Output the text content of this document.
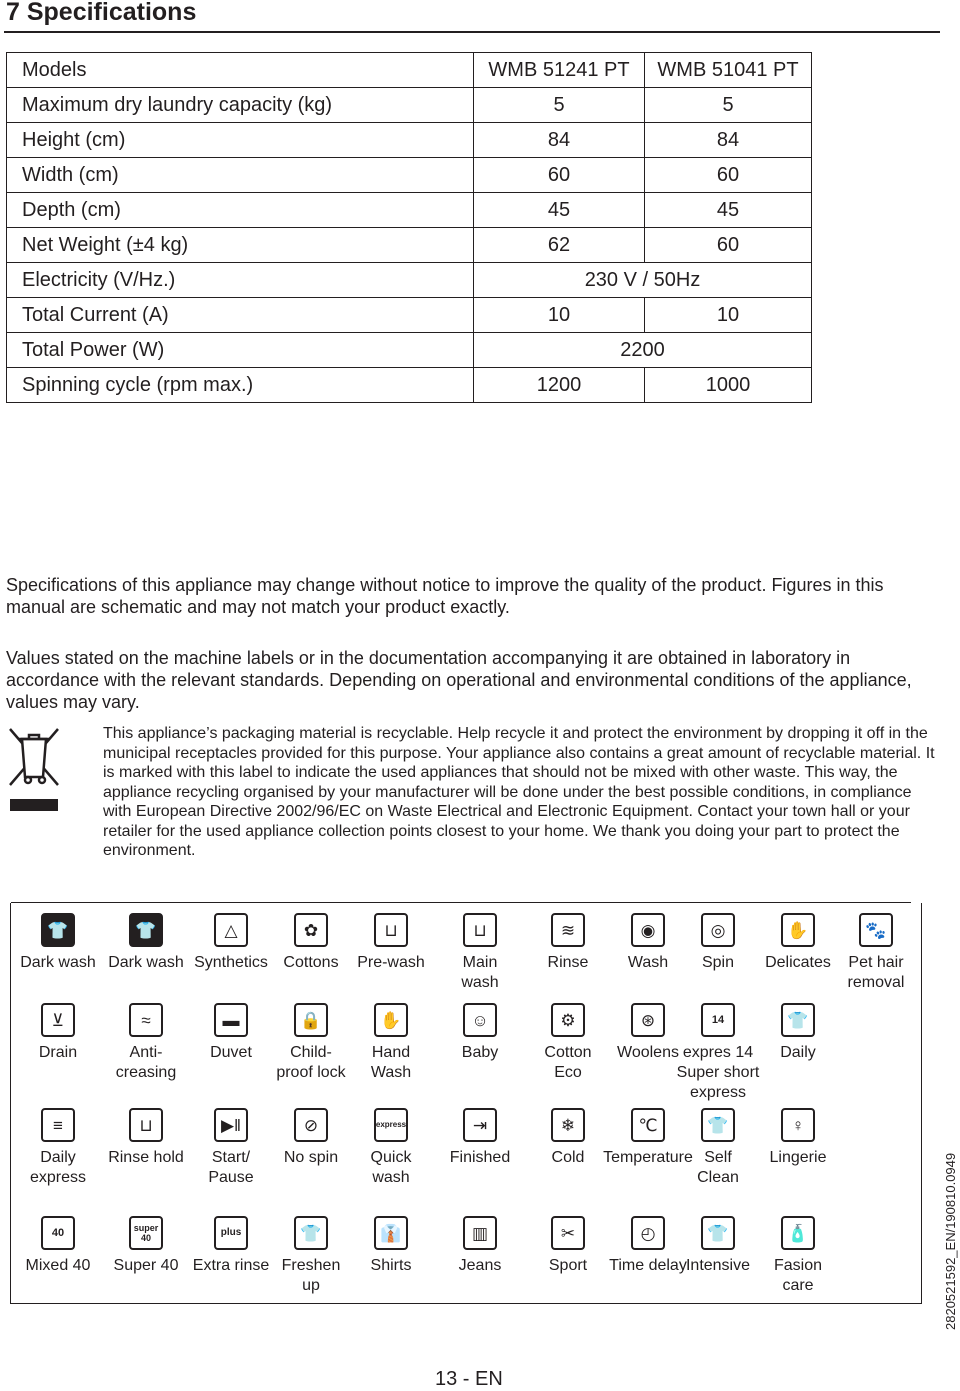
7 Specifications
Models	WMB 51241 PT	WMB 51041 PT
Maximum dry laundry capacity (kg)	5	5
Height (cm)	84	84
Width (cm)	60	60
Depth (cm)	45	45
Net Weight (±4 kg)	62	60
Electricity (V/Hz.)	230 V / 50Hz	
Total Current (A)	10	10
Total Power (W)	2200	
Spinning cycle (rpm max.)	1200	1000

Specifications of this appliance may change without notice to improve the quality of the product. Figures in this manual are schematic and may not match your product exactly.

Values stated on the machine labels or in the documentation accompanying it are obtained in laboratory in accordance with the relevant standards. Depending on operational and environmental conditions of the appliance, values may vary.

This appliance’s packaging material is recyclable. Help recycle it and protect the environment by dropping it off in the municipal receptacles provided for this purpose. Your appliance also contains a great amount of recyclable material. It is marked with this label to indicate the used appliances that should not be mixed with other waste. This way, the appliance recycling organised by your manufacturer will be done under the best possible conditions, in compliance with European Directive 2002/96/EC on Waste Electrical and Electronic Equipment. Contact your town hall or your retailer for the used appliance collection points closest to your home. We thank you doing your part to protect the environment.

👕
Dark wash
👕
Dark wash
△
Synthetics
✿
Cottons
⊔
Pre-wash
⊔
Main
wash
≋
Rinse
◉
Wash
◎
Spin
✋
Delicates
🐾
Pet hair
removal
⊻
Drain
≈
Anti-
creasing
▬
Duvet
🔒
Child-
proof lock
✋
Hand
Wash
☺
Baby
⚙
Cotton
Eco
⊛
Woolens
14
expres 14
Super short
express
👕
Daily
≡
Daily
express
⊔
Rinse hold
▶‖
Start/
Pause
⊘
No spin
express
Quick
wash
⇥
Finished
❄
Cold
℃
Temperature
👕
Self
Clean
♀
Lingerie
40
Mixed 40
super
40
Super 40
plus
Extra rinse
👕
Freshen
up
👔
Shirts
▥
Jeans
✂
Sport
◴
Time delay
👕
Intensive
🧴
Fasion
care
13 - EN
2820521592_EN/190810.0949
